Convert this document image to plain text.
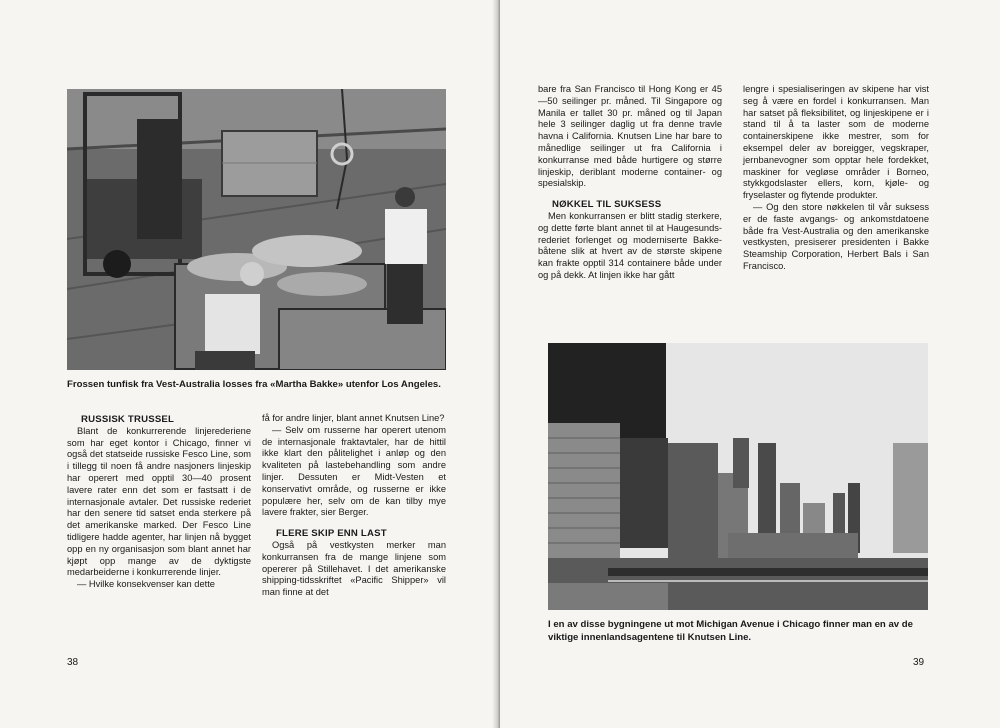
Frossen tunfisk fra Vest-Australia losses fra «Martha Bakke» utenfor Los Angeles.
RUSSISK TRUSSEL

Blant de konkurrerende linjerederiene som har eget kontor i Chicago, finner vi også det statseide russiske Fesco Line, som i tillegg til noen få andre nasjoners linjeskip har operert med opptil 30—40 prosent lavere rater enn det som er fastsatt i de internasjonale avtaler. Det russiske rederiet har den senere tid satset enda sterkere på det amerikanske marked. Der Fesco Line tidligere hadde agenter, har linjen nå bygget opp en ny organisasjon som blant annet har kjøpt opp mange av de dyktigste medarbeiderne i konkurrerende linjer.

— Hvilke konsekvenser kan dette

få for andre linjer, blant annet Knutsen Line?

— Selv om russerne har operert utenom de internasjonale fraktavtaler, har de hittil ikke klart den pålitelighet i anløp og den kvaliteten på lastebehandling som andre linjer. Dessuten er Midt-Vesten et konservativt område, og russerne er ikke populære her, selv om de kan tilby mye lavere frakter, sier Berger.

FLERE SKIP ENN LAST

Også på vestkysten merker man konkurransen fra de mange linjene som opererer på Stillehavet. I det amerikanske shipping-tidsskriftet «Pacific Shipper» vil man finne at det

38

bare fra San Francisco til Hong Kong er 45—50 seilinger pr. måned. Til Singapore og Manila er tallet 30 pr. måned og til Japan hele 3 seilinger daglig ut fra denne travle havna i California. Knutsen Line har bare to månedlige seilinger ut fra California i konkurranse med både hurtigere og større linjeskip, deriblant moderne container- og spesialskip.

NØKKEL TIL SUKSESS

Men konkurransen er blitt stadig sterkere, og dette førte blant annet til at Haugesunds-rederiet forlenget og moderniserte Bakke-båtene slik at hvert av de største skipene kan frakte opptil 314 containere både under og på dekk. At linjen ikke har gått

lengre i spesialiseringen av skipene har vist seg å være en fordel i konkurransen. Man har satset på fleksibilitet, og linjeskipene er i stand til å ta laster som de moderne containerskipene ikke mestrer, som for eksempel deler av boreigger, vegskraper, jernbanevogner som opptar hele fordekket, maskiner for vegløse områder i Borneo, stykkgodslaster ellers, korn, kjøle- og fryselaster og flytende produkter.

— Og den store nøkkelen til vår suksess er de faste avgangs- og ankomstdatoene både fra Vest-Australia og den amerikanske vestkysten, presiserer presidenten i Bakke Steamship Corporation, Herbert Bals i San Francisco.

I en av disse bygningene ut mot Michigan Avenue i Chicago finner man en av de viktige innenlandsagentene til Knutsen Line.
39
